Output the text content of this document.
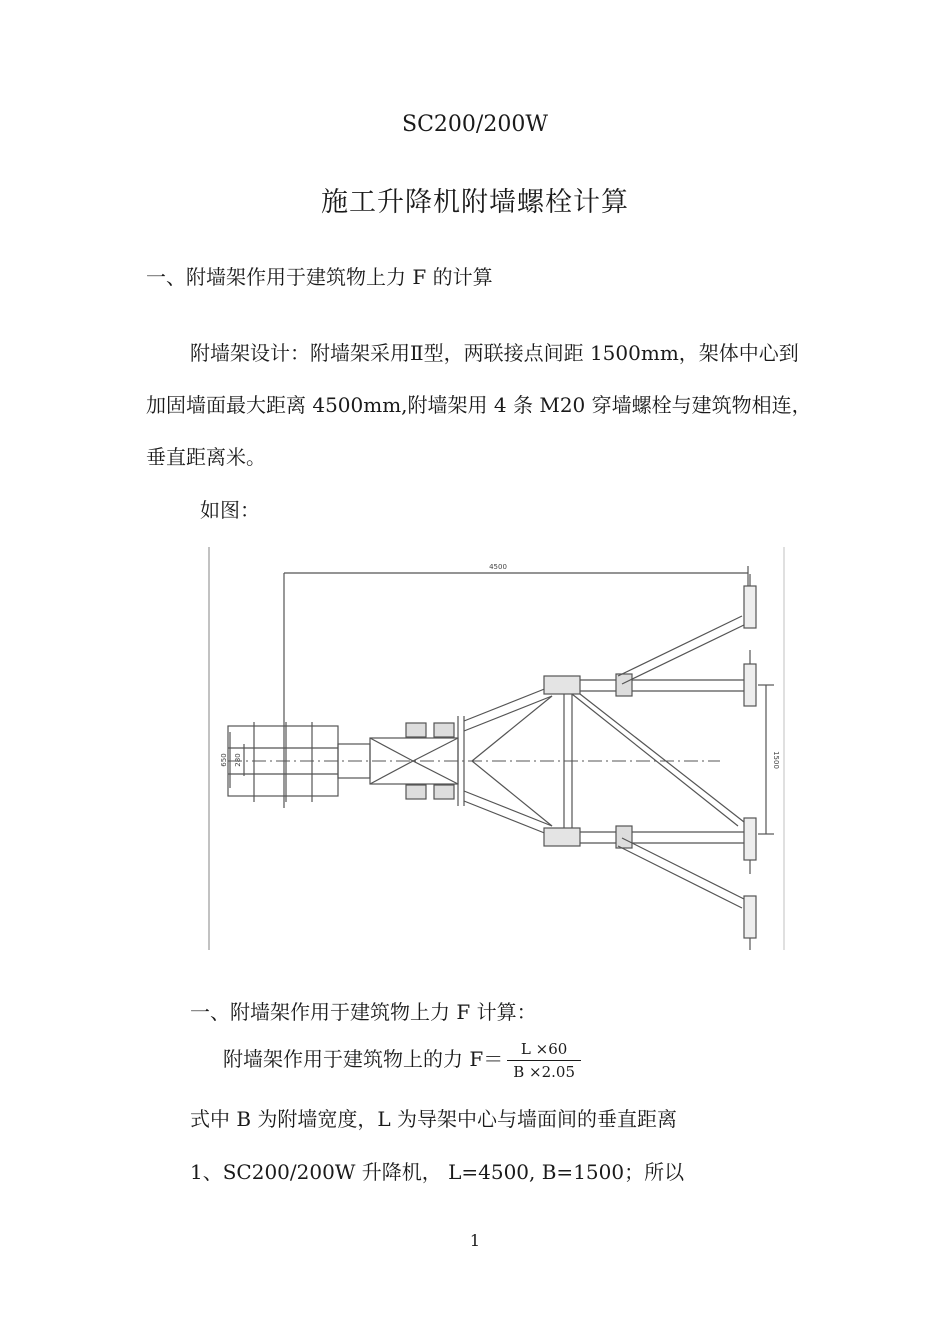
SC200/200W
施工升降机附墙螺栓计算
一、附墙架作用于建筑物上力 F 的计算
附墙架设计：附墙架采用Ⅱ型，两联接点间距 1500mm，架体中心到
加固墙面最大距离 4500mm,附墙架用 4 条 M20 穿墙螺栓与建筑物相连，
垂直距离米。
如图：
4500
1500
650 280
一、附墙架作用于建筑物上力 F 计算：
附墙架作用于建筑物上的力 $F= \frac{L \times 60}{B \times 2.05}$
式中 B 为附墙宽度，L 为导架中心与墙面间的垂直距离
1、SC200/200W 升降机， L=4500, B=1500；所以
1
